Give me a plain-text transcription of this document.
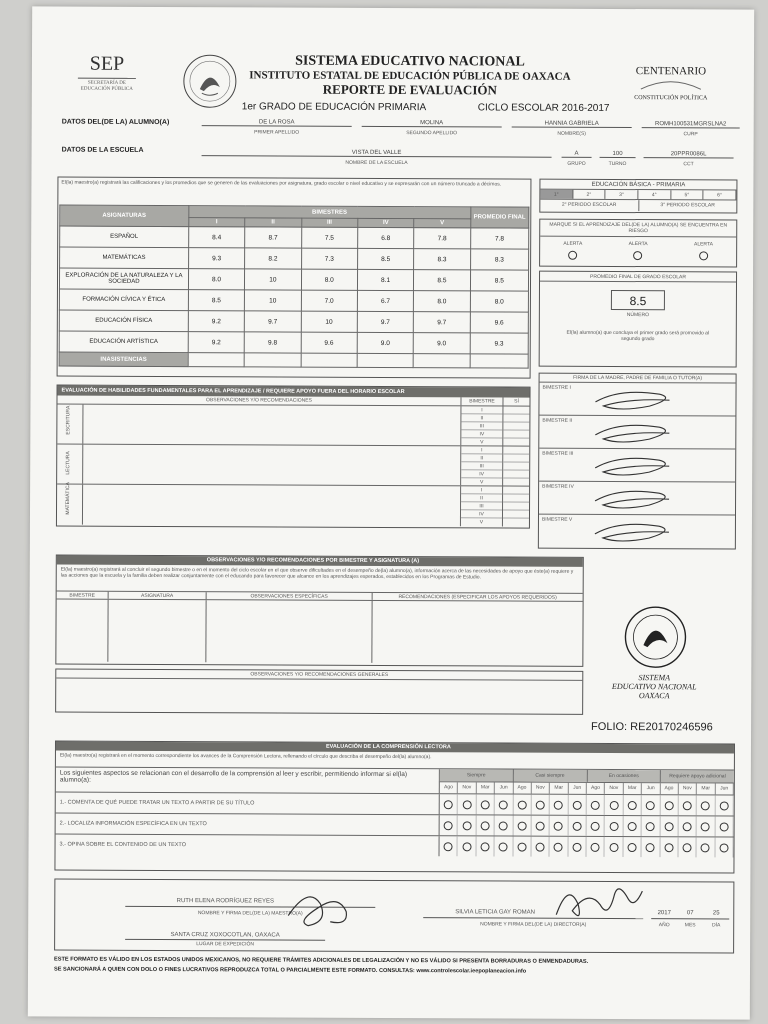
SEP
SECRETARÍA DE
EDUCACIÓN PÚBLICA
SISTEMA EDUCATIVO NACIONAL
INSTITUTO ESTATAL DE EDUCACIÓN PÚBLICA DE OAXACA
REPORTE DE EVALUACIÓN
1er GRADO DE EDUCACIÓN PRIMARIA	CICLO ESCOLAR 2016-2017
CENTENARIO
CONSTITUCIÓN POLÍTICA
DATOS DEL(DE LA) ALUMNO(A)	DE LA ROSA
PRIMER APELLIDO
MOLINA
SEGUNDO APELLIDO
HANNIA GABRIELA
NOMBRE(S)
ROMH100531MGRSLNA2
CURP
DATOS DE LA ESCUELA	VISTA DEL VALLE
NOMBRE DE LA ESCUELA
A
GRUPO
100
TURNO
20PPR0086L
CCT
El(la) maestro(a) registrará las calificaciones y los promedios que se generen de las evaluaciones por asignatura, grado escolar o nivel educativo y se expresarán con un número truncado a décimos.
ASIGNATURAS	BIMESTRES					PROMEDIO FINAL
	I	II	III	IV	V	
ESPAÑOL	8.4	8.7	7.5	6.8	7.8	7.8
MATEMÁTICAS	9.3	8.2	7.3	8.5	8.3	8.3
EXPLORACIÓN DE LA NATURALEZA Y LA SOCIEDAD	8.0	10	8.0	8.1	8.5	8.5
FORMACIÓN CÍVICA Y ÉTICA	8.5	10	7.0	6.7	8.0	8.0
EDUCACIÓN FÍSICA	9.2	9.7	10	9.7	9.7	9.6
EDUCACIÓN ARTÍSTICA	9.2	9.8	9.6	9.0	9.0	9.3
INASISTENCIAS						
EDUCACIÓN BÁSICA - PRIMARIA
1°	2°	3°	4°	5°	6°
2° PERIODO ESCOLAR	3° PERIODO ESCOLAR
MARQUE SI EL APRENDIZAJE DEL(DE LA) ALUMNO(A) SE ENCUENTRA EN RIESGO
ALERTA	ALERTA	ALERTA
PROMEDIO FINAL DE GRADO ESCOLAR
8.5
NÚMERO
El(la) alumno(a) que concluya el primer grado será promovido al segundo grado
FIRMA DE LA MADRE, PADRE DE FAMILIA O TUTOR(A)
BIMESTRE I
BIMESTRE II
BIMESTRE III
BIMESTRE IV
BIMESTRE V
EVALUACIÓN DE HABILIDADES FUNDAMENTALES PARA EL APRENDIZAJE / REQUIERE APOYO FUERA DEL HORARIO ESCOLAR
OBSERVACIONES Y/O RECOMENDACIONES	BIMESTRE	SÍ
ESCRITURA	I
II
III
IV
V
LECTURA
I
II
III
IV
V
MATEMÁTICA	I
II
III
IV
V
OBSERVACIONES Y/O RECOMENDACIONES POR BIMESTRE Y ASIGNATURA (A)
El(la) maestro(a) registrará al concluir el segundo bimestre o en el momento del ciclo escolar en el que observe dificultades en el desempeño de(la) alumno(a), información acerca de las necesidades de apoyo que éste(a) requiere y las acciones que la escuela y la familia deben realizar conjuntamente con el educando para favorecer que alcance en los aprendizajes esperados, establecidos en los Programas de Estudio.
BIMESTRE	ASIGNATURA	OBSERVACIONES ESPECÍFICAS	RECOMENDACIONES (ESPECIFICAR LOS APOYOS REQUERIDOS)
OBSERVACIONES Y/O RECOMENDACIONES GENERALES	SISTEMA
EDUCATIVO NACIONAL
OAXACA
FOLIO: RE20170246596
EVALUACIÓN DE LA COMPRENSIÓN LECTORA
El(la) maestro(a) registrará en el momento correspondiente los avances de la Comprensión Lectora, rellenando el círculo que describa el desempeño del(la) alumno(a).
Los siguientes aspectos se relacionan con el desarrollo de la comprensión al leer y escribir, permitiendo informar si el(la) alumno(a):
Siempre	Casi siempre	En ocasiones	Requiere apoyo adicional
Ago	Nov	Mar	Jun	Ago	Nov	Mar	Jun	Ago	Nov	Mar	Jun	Ago	Nov	Mar	Jun
1.- COMENTA DE QUÉ PUEDE TRATAR UN TEXTO A PARTIR DE SU TÍTULO
2.- LOCALIZA INFORMACIÓN ESPECÍFICA EN UN TEXTO
3.- OPINA SOBRE EL CONTENIDO DE UN TEXTO
RUTH ELENA RODRÍGUEZ REYES
NOMBRE Y FIRMA DEL(DE LA) MAESTRO(A)
SANTA CRUZ XOXOCOTLAN, OAXACA
LUGAR DE EXPEDICIÓN
SILVIA LETICIA GAY ROMAN
NOMBRE Y FIRMA DEL(DE LA) DIRECTOR(A)
2017	07	25
AÑO	MES	DÍA
ESTE FORMATO ES VÁLIDO EN LOS ESTADOS UNIDOS MEXICANOS, NO REQUIERE TRÁMITES ADICIONALES DE LEGALIZACIÓN Y NO ES VÁLIDO SI PRESENTA BORRADURAS O ENMENDADURAS.
SE SANCIONARÁ A QUIEN CON DOLO O FINES LUCRATIVOS REPRODUZCA TOTAL O PARCIALMENTE ESTE FORMATO. CONSULTAS: www.controlescolar.ieepoplaneacion.info
